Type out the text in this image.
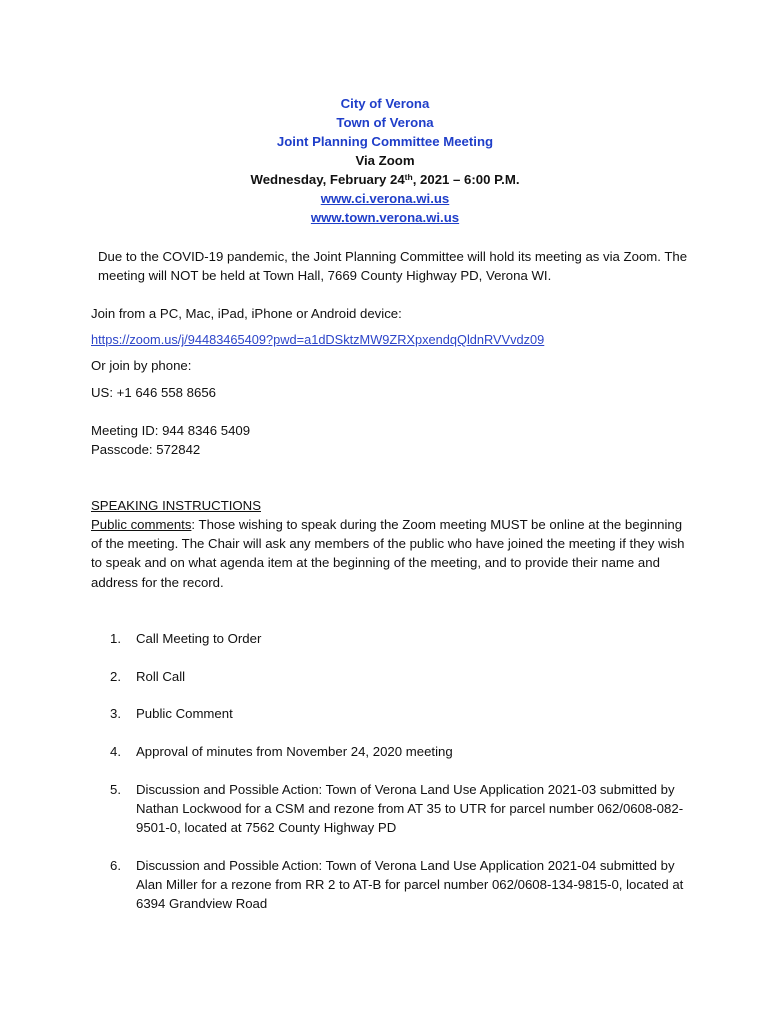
City of Verona
Town of Verona
Joint Planning Committee Meeting
Via Zoom
Wednesday, February 24th, 2021 – 6:00 P.M.
www.ci.verona.wi.us
www.town.verona.wi.us
Due to the COVID-19 pandemic, the Joint Planning Committee will hold its meeting as via Zoom. The meeting will NOT be held at Town Hall, 7669 County Highway PD, Verona WI.
Join from a PC, Mac, iPad, iPhone or Android device:
https://zoom.us/j/94483465409?pwd=a1dDSktzMW9ZRXpxendqQldnRVVvdz09
Or join by phone:
US: +1 646 558 8656
Meeting ID: 944 8346 5409
Passcode: 572842
SPEAKING INSTRUCTIONS
Public comments: Those wishing to speak during the Zoom meeting MUST be online at the beginning of the meeting. The Chair will ask any members of the public who have joined the meeting if they wish to speak and on what agenda item at the beginning of the meeting, and to provide their name and address for the record.
1. Call Meeting to Order
2. Roll Call
3. Public Comment
4. Approval of minutes from November 24, 2020 meeting
5. Discussion and Possible Action: Town of Verona Land Use Application 2021-03 submitted by Nathan Lockwood for a CSM and rezone from AT 35 to UTR for parcel number 062/0608-082-9501-0, located at 7562 County Highway PD
6. Discussion and Possible Action: Town of Verona Land Use Application 2021-04 submitted by Alan Miller for a rezone from RR 2 to AT-B for parcel number 062/0608-134-9815-0, located at 6394 Grandview Road
